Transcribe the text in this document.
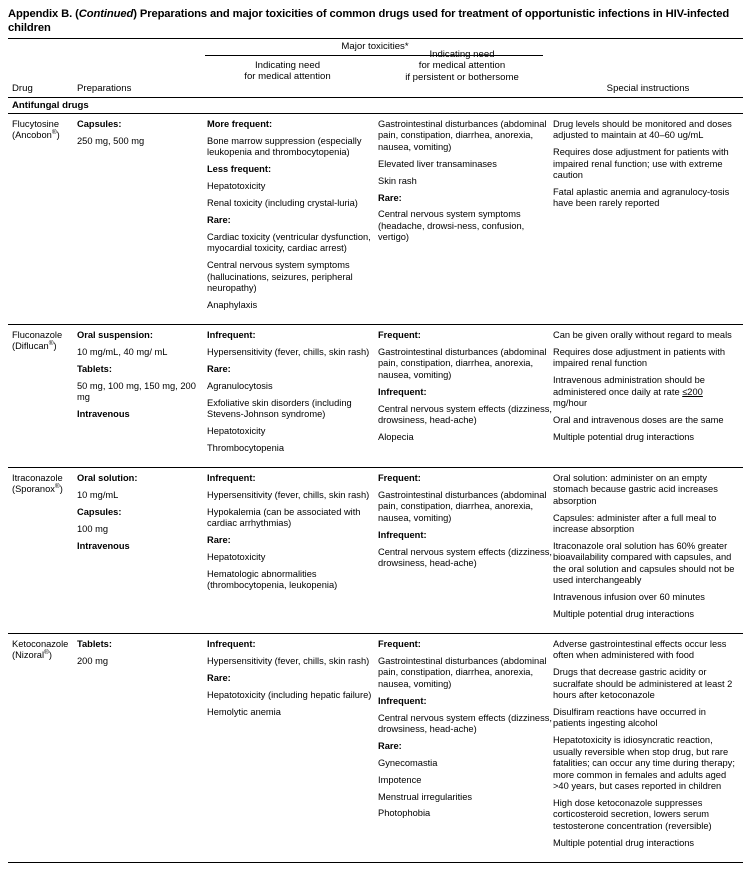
Appendix B. (Continued) Preparations and major toxicities of common drugs used for treatment of opportunistic infections in HIV-infected children
Major toxicities*
Drug	Preparations
Indicating need
for medical attention
Indicating need
for medical attention
if persistent or bothersome
Special instructions
Antifungal drugs

Flucytosine

(Ancobon®)

Capsules:

250 mg, 500 mg

More frequent:

Bone marrow suppression (especially leukopenia and thrombocytopenia)

Less frequent:

Hepatotoxicity

Renal toxicity (including crystal-luria)

Rare:

Cardiac toxicity (ventricular dysfunction, myocardial toxicity, cardiac arrest)

Central nervous system symptoms (hallucinations, seizures, peripheral neuropathy)

Anaphylaxis

Gastrointestinal disturbances (abdominal pain, constipation, diarrhea, anorexia, nausea, vomiting)

Elevated liver transaminases

Skin rash

Rare:

Central nervous system symptoms (headache, drowsi-ness, confusion, vertigo)

Drug levels should be monitored and doses adjusted to maintain at 40–60 ug/mL

Requires dose adjustment for patients with impaired renal function; use with extreme caution

Fatal aplastic anemia and agranulocy-tosis have been rarely reported

Fluconazole

(Diflucan®)

Oral suspension:

10 mg/mL, 40 mg/ mL

Tablets:

50 mg, 100 mg, 150 mg, 200 mg

Intravenous

Infrequent:

Hypersensitivity (fever, chills, skin rash)

Rare:

Agranulocytosis

Exfoliative skin disorders (including Stevens-Johnson syndrome)

Hepatotoxicity

Thrombocytopenia

Frequent:

Gastrointestinal disturbances (abdominal pain, constipation, diarrhea, anorexia, nausea, vomiting)

Infrequent:

Central nervous system effects (dizziness, drowsiness, head-ache)

Alopecia

Can be given orally without regard to meals

Requires dose adjustment in patients with impaired renal function

Intravenous administration should be administered once daily at rate ≤200 mg/hour

Oral and intravenous doses are the same

Multiple potential drug interactions

Itraconazole

(Sporanox®)

Oral solution:

10 mg/mL

Capsules:

100 mg

Intravenous

Infrequent:

Hypersensitivity (fever, chills, skin rash)

Hypokalemia (can be associated with cardiac arrhythmias)

Rare:

Hepatotoxicity

Hematologic abnormalities (thrombocytopenia, leukopenia)

Frequent:

Gastrointestinal disturbances (abdominal pain, constipation, diarrhea, anorexia, nausea, vomiting)

Infrequent:

Central nervous system effects (dizziness, drowsiness, head-ache)

Oral solution: administer on an empty stomach because gastric acid increases absorption

Capsules: administer after a full meal to increase absorption

Itraconazole oral solution has 60% greater bioavailability compared with capsules, and the oral solution and capsules should not be used interchangeably

Intravenous infusion over 60 minutes

Multiple potential drug interactions

Ketoconazole

(Nizoral®)

Tablets:

200 mg

Infrequent:

Hypersensitivity (fever, chills, skin rash)

Rare:

Hepatotoxicity (including hepatic failure)

Hemolytic anemia

Frequent:

Gastrointestinal disturbances (abdominal pain, constipation, diarrhea, anorexia, nausea, vomiting)

Infrequent:

Central nervous system effects (dizziness, drowsiness, head-ache)

Rare:

Gynecomastia

Impotence

Menstrual irregularities

Photophobia

Adverse gastrointestinal effects occur less often when administered with food

Drugs that decrease gastric acidity or sucralfate should be administered at least 2 hours after ketoconazole

Disulfiram reactions have occurred in patients ingesting alcohol

Hepatotoxicity is idiosyncratic reaction, usually reversible when stop drug, but rare fatalities; can occur any time during therapy; more common in females and adults aged >40 years, but cases reported in children

High dose ketoconazole suppresses corticosteroid secretion, lowers serum testosterone concentration (reversible)

Multiple potential drug interactions
